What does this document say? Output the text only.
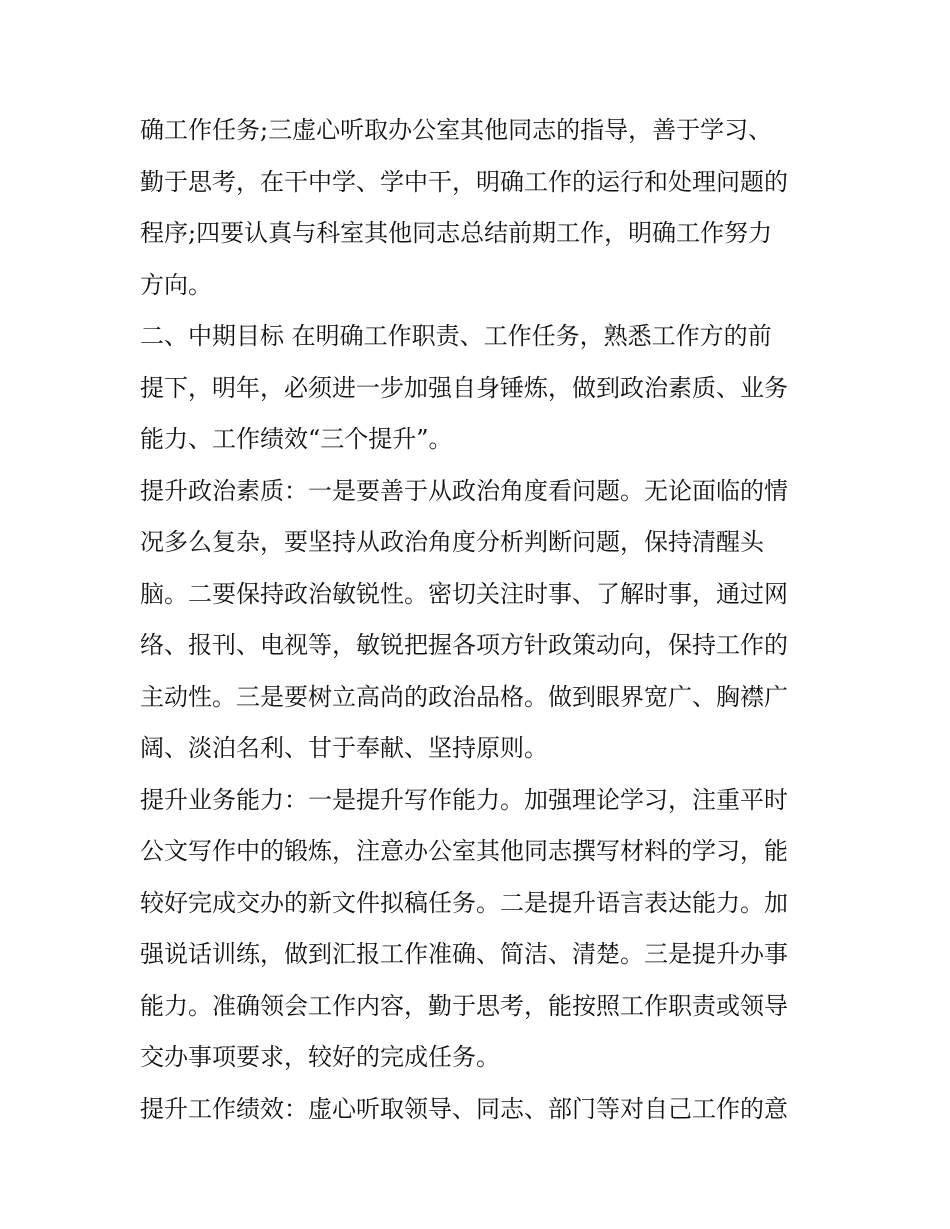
确工作任务;三虚心听取办公室其他同志的指导，善于学习、
勤于思考，在干中学、学中干，明确工作的运行和处理问题的
程序;四要认真与科室其他同志总结前期工作，明确工作努力
方向。
二、中期目标 在明确工作职责、工作任务，熟悉工作方的前
提下，明年，必须进一步加强自身锤炼，做到政治素质、业务
能力、工作绩效“三个提升”。
提升政治素质：一是要善于从政治角度看问题。无论面临的情
况多么复杂，要坚持从政治角度分析判断问题，保持清醒头
脑。二要保持政治敏锐性。密切关注时事、了解时事，通过网
络、报刊、电视等，敏锐把握各项方针政策动向，保持工作的
主动性。三是要树立高尚的政治品格。做到眼界宽广、胸襟广
阔、淡泊名利、甘于奉献、坚持原则。
提升业务能力：一是提升写作能力。加强理论学习，注重平时
公文写作中的锻炼，注意办公室其他同志撰写材料的学习，能
较好完成交办的新文件拟稿任务。二是提升语言表达能力。加
强说话训练，做到汇报工作准确、简洁、清楚。三是提升办事
能力。准确领会工作内容，勤于思考，能按照工作职责或领导
交办事项要求，较好的完成任务。
提升工作绩效：虚心听取领导、同志、部门等对自己工作的意
